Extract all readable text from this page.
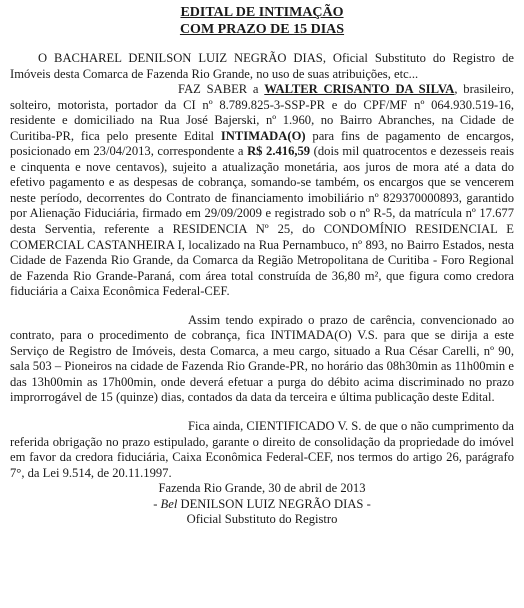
EDITAL DE INTIMAÇÃO

COM PRAZO DE 15 DIAS

O BACHAREL DENILSON LUIZ NEGRÃO DIAS, Oficial Substituto do Registro de Imóveis desta Comarca de Fazenda Rio Grande, no uso de suas atribuições, etc...

FAZ SABER a WALTER CRISANTO DA SILVA, brasileiro, solteiro, motorista, portador da CI nº 8.789.825-3-SSP-PR e do CPF/MF nº 064.930.519-16, residente e domiciliado na Rua José Bajerski, nº 1.960, no Bairro Abranches, na Cidade de Curitiba-PR, fica pelo presente Edital INTIMADA(O) para fins de pagamento de encargos, posicionado em 23/04/2013, correspondente a R$ 2.416,59 (dois mil quatrocentos e dezesseis reais e cinquenta e nove centavos), sujeito a atualização monetária, aos juros de mora até a data do efetivo pagamento e as despesas de cobrança, somando-se também, os encargos que se vencerem neste período, decorrentes do Contrato de financiamento imobiliário nº 829370000893, garantido por Alienação Fiduciária, firmado em 29/09/2009 e registrado sob o nº R-5, da matrícula nº 17.677 desta Serventia, referente a RESIDENCIA Nº 25, do CONDOMÍNIO RESIDENCIAL E COMERCIAL CASTANHEIRA I, localizado na Rua Pernambuco, nº 893, no Bairro Estados, nesta Cidade de Fazenda Rio Grande, da Comarca da Região Metropolitana de Curitiba - Foro Regional de Fazenda Rio Grande-Paraná, com área total construída de 36,80 m², que figura como credora fiduciária a Caixa Econômica Federal-CEF.

Assim tendo expirado o prazo de carência, convencionado ao contrato, para o procedimento de cobrança, fica INTIMADA(O) V.S. para que se dirija a este Serviço de Registro de Imóveis, desta Comarca, a meu cargo, situado a Rua César Carelli, nº 90, sala 503 – Pioneiros na cidade de Fazenda Rio Grande-PR, no horário das 08h30min as 11h00min e das 13h00min as 17h00min, onde deverá efetuar a purga do débito acima discriminado no prazo improrrogável de 15 (quinze) dias, contados da data da terceira e última publicação deste Edital.

Fica ainda, CIENTIFICADO V. S. de que o não cumprimento da referida obrigação no prazo estipulado, garante o direito de consolidação da propriedade do imóvel em favor da credora fiduciária, Caixa Econômica Federal-CEF, nos termos do artigo 26, parágrafo 7°, da Lei 9.514, de 20.11.1997.

Fazenda Rio Grande, 30 de abril de 2013

- Bel DENILSON LUIZ NEGRÃO DIAS -

Oficial Substituto do Registro
